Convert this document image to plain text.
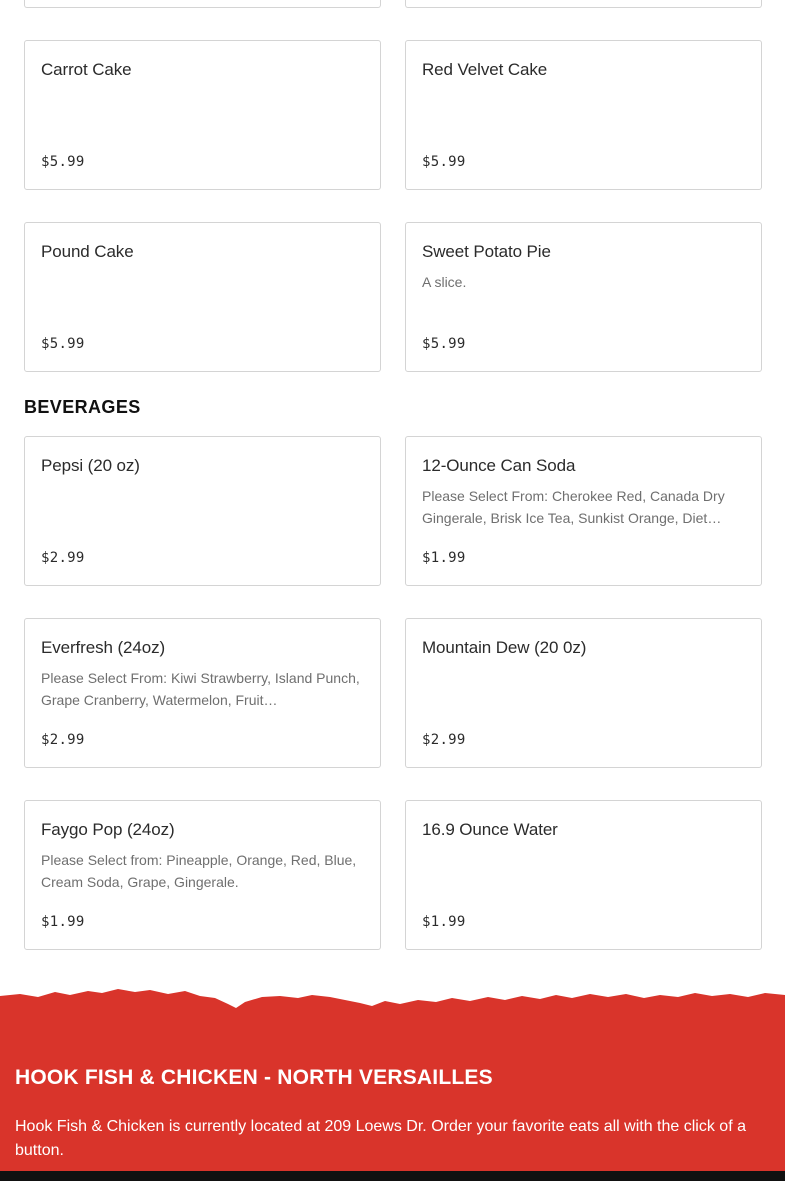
Carrot Cake
$5.99
Red Velvet Cake
$5.99
Pound Cake
$5.99
Sweet Potato Pie
A slice.
$5.99
BEVERAGES
Pepsi (20 oz)
$2.99
12-Ounce Can Soda
Please Select From: Cherokee Red, Canada Dry Gingerale, Brisk Ice Tea, Sunkist Orange, Diet…
$1.99
Everfresh (24oz)
Please Select From: Kiwi Strawberry, Island Punch, Grape Cranberry, Watermelon, Fruit…
$2.99
Mountain Dew (20 0z)
$2.99
Faygo Pop (24oz)
Please Select from: Pineapple, Orange, Red, Blue, Cream Soda, Grape, Gingerale.
$1.99
16.9 Ounce Water
$1.99
HOOK FISH & CHICKEN - NORTH VERSAILLES

Hook Fish & Chicken is currently located at 209 Loews Dr. Order your favorite eats all with the click of a button.
